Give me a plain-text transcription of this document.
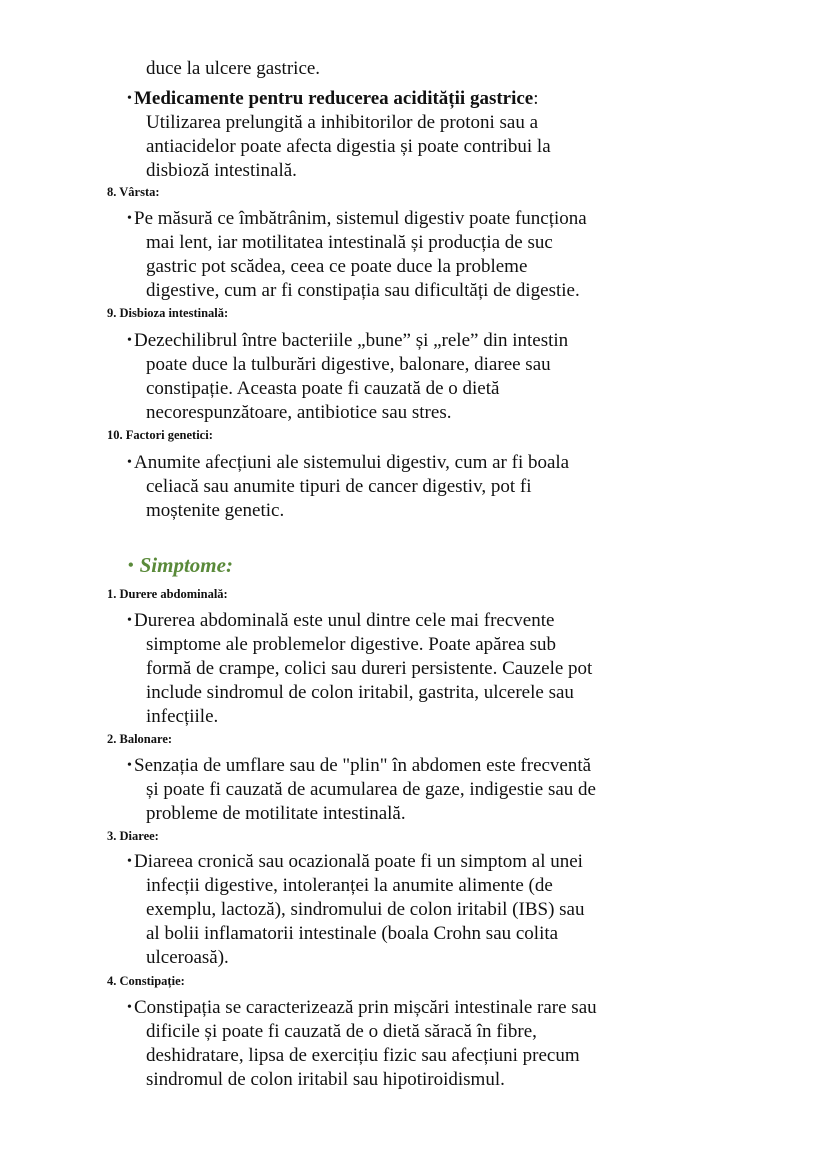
duce la ulcere gastrice.
• Medicamente pentru reducerea acidității gastrice:
Utilizarea prelungită a inhibitorilor de protoni sau a
antiacidelor poate afecta digestia și poate contribui la
disbioză intestinală.
8. Vârsta:
• Pe măsură ce îmbătrânim, sistemul digestiv poate funcționa
mai lent, iar motilitatea intestinală și producția de suc
gastric pot scădea, ceea ce poate duce la probleme
digestive, cum ar fi constipația sau dificultăți de digestie.
9. Disbioza intestinală:
• Dezechilibrul între bacteriile „bune” și „rele” din intestin
poate duce la tulburări digestive, balonare, diaree sau
constipație. Aceasta poate fi cauzată de o dietă
necorespunzătoare, antibiotice sau stres.
10. Factori genetici:
• Anumite afecțiuni ale sistemului digestiv, cum ar fi boala
celiacă sau anumite tipuri de cancer digestiv, pot fi
moștenite genetic.
• Simptome:
1. Durere abdominală:
• Durerea abdominală este unul dintre cele mai frecvente
simptome ale problemelor digestive. Poate apărea sub
formă de crampe, colici sau dureri persistente. Cauzele pot
include sindromul de colon iritabil, gastrita, ulcerele sau
infecțiile.
2. Balonare:
• Senzația de umflare sau de "plin" în abdomen este frecventă
și poate fi cauzată de acumularea de gaze, indigestie sau de
probleme de motilitate intestinală.
3. Diaree:
• Diareea cronică sau ocazională poate fi un simptom al unei
infecții digestive, intoleranței la anumite alimente (de
exemplu, lactoză), sindromului de colon iritabil (IBS) sau
al bolii inflamatorii intestinale (boala Crohn sau colita
ulceroasă).
4. Constipație:
• Constipația se caracterizează prin mișcări intestinale rare sau
dificile și poate fi cauzată de o dietă săracă în fibre,
deshidratare, lipsa de exercițiu fizic sau afecțiuni precum
sindromul de colon iritabil sau hipotiroidismul.
